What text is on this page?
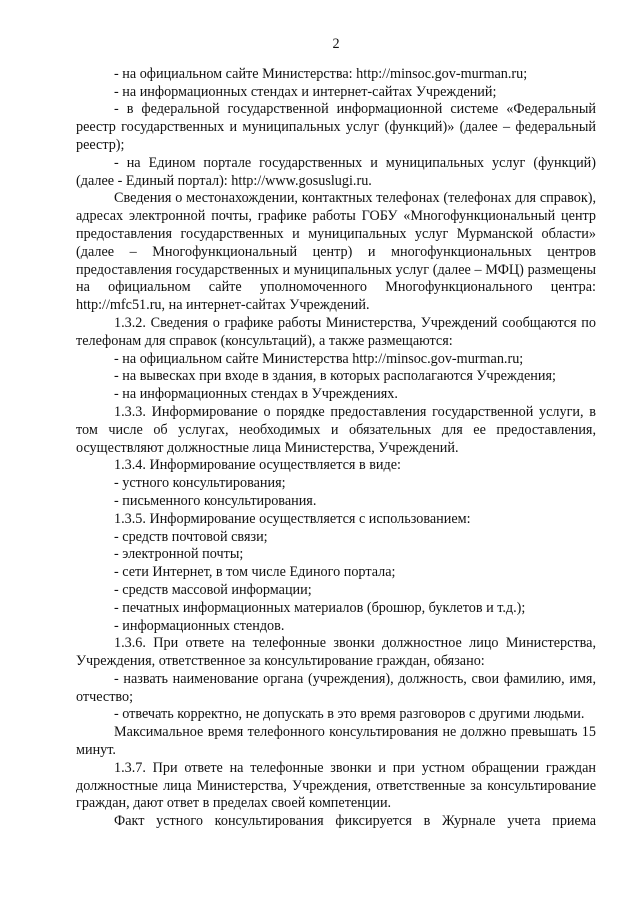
2

- на официальном сайте Министерства: http://minsoc.gov-murman.ru;

- на информационных стендах и интернет-сайтах Учреждений;

- в федеральной государственной информационной системе «Федеральный реестр государственных и муниципальных услуг (функций)» (далее – федеральный реестр);

- на Едином портале государственных и муниципальных услуг (функций) (далее - Единый портал): http://www.gosuslugi.ru.

Сведения о местонахождении, контактных телефонах (телефонах для справок), адресах электронной почты, графике работы ГОБУ «Многофункциональный центр предоставления государственных и муниципальных услуг Мурманской области» (далее – Многофункциональный центр) и многофункциональных центров предоставления государственных и муниципальных услуг (далее – МФЦ) размещены на официальном сайте уполномоченного Многофункционального центра: http://mfc51.ru, на интернет-сайтах Учреждений.

1.3.2. Сведения о графике работы Министерства, Учреждений сообщаются по телефонам для справок (консультаций), а также размещаются:

- на официальном сайте Министерства http://minsoc.gov-murman.ru;

- на вывесках при входе в здания, в которых располагаются Учреждения;

- на информационных стендах в Учреждениях.

1.3.3. Информирование о порядке предоставления государственной услуги, в том числе об услугах, необходимых и обязательных для ее предоставления, осуществляют должностные лица Министерства, Учреждений.

1.3.4. Информирование осуществляется в виде:

- устного консультирования;

- письменного консультирования.

1.3.5. Информирование осуществляется с использованием:

- средств почтовой связи;

- электронной почты;

- сети Интернет, в том числе Единого портала;

- средств массовой информации;

- печатных информационных материалов (брошюр, буклетов и т.д.);

- информационных стендов.

1.3.6. При ответе на телефонные звонки должностное лицо Министерства, Учреждения, ответственное за консультирование граждан, обязано:

- назвать наименование органа (учреждения), должность, свои фамилию, имя, отчество;

- отвечать корректно, не допускать в это время разговоров с другими людьми.

Максимальное время телефонного консультирования не должно превышать 15 минут.

1.3.7. При ответе на телефонные звонки и при устном обращении граждан должностные лица Министерства, Учреждения, ответственные за консультирование граждан, дают ответ в пределах своей компетенции.

Факт устного консультирования фиксируется в Журнале учета приема
